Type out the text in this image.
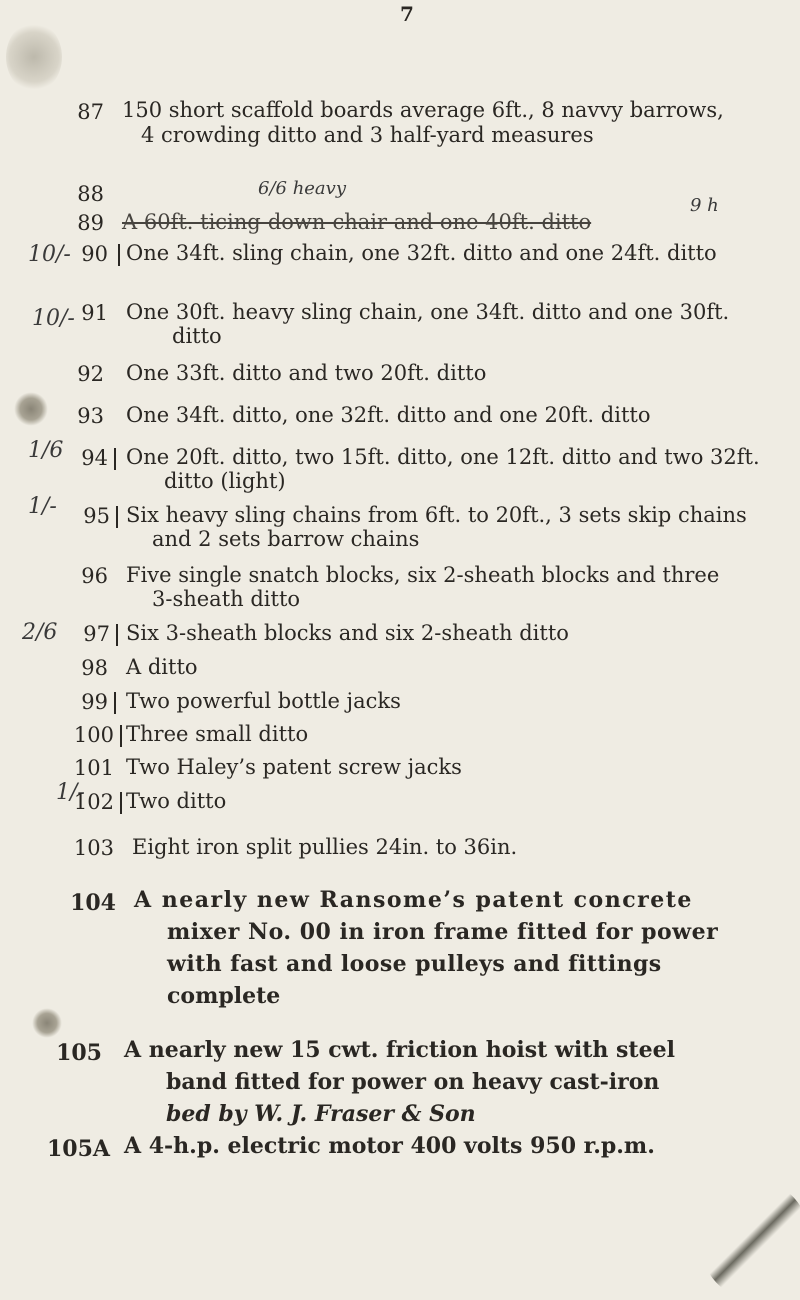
7
10/-
10/-
1/6
1/-
2/6
1/-
6/6 heavy
9 h
87 150 short scaffold boards average 6ft., 8 navvy barrows,
4 crowding ditto and 3 half-yard measures
88
89 A 60ft. ticing-down-chair and one 40ft. ditto
90 One 34ft. sling chain, one 32ft. ditto and one 24ft. ditto
91 One 30ft. heavy sling chain, one 34ft. ditto and one 30ft.
ditto
92 One 33ft. ditto and two 20ft. ditto
93 One 34ft. ditto, one 32ft. ditto and one 20ft. ditto
94 One 20ft. ditto, two 15ft. ditto, one 12ft. ditto and two 32ft.
ditto (light)
95 Six heavy sling chains from 6ft. to 20ft., 3 sets skip chains
and 2 sets barrow chains
96 Five single snatch blocks, six 2-sheath blocks and three
3-sheath ditto
97 Six 3-sheath blocks and six 2-sheath ditto
98 A ditto
99 Two powerful bottle jacks
100 Three small ditto
101 Two Haley’s patent screw jacks
102 Two ditto
103 Eight iron split pullies 24in. to 36in.
104 A nearly new Ransome’s patent concrete
mixer No. 00 in iron frame fitted for power
with fast and loose pulleys and fittings
complete
105 A nearly new 15 cwt. friction hoist with steel
band fitted for power on heavy cast-iron
bed by W. J. Fraser & Son
105A A 4-h.p. electric motor 400 volts 950 r.p.m.
